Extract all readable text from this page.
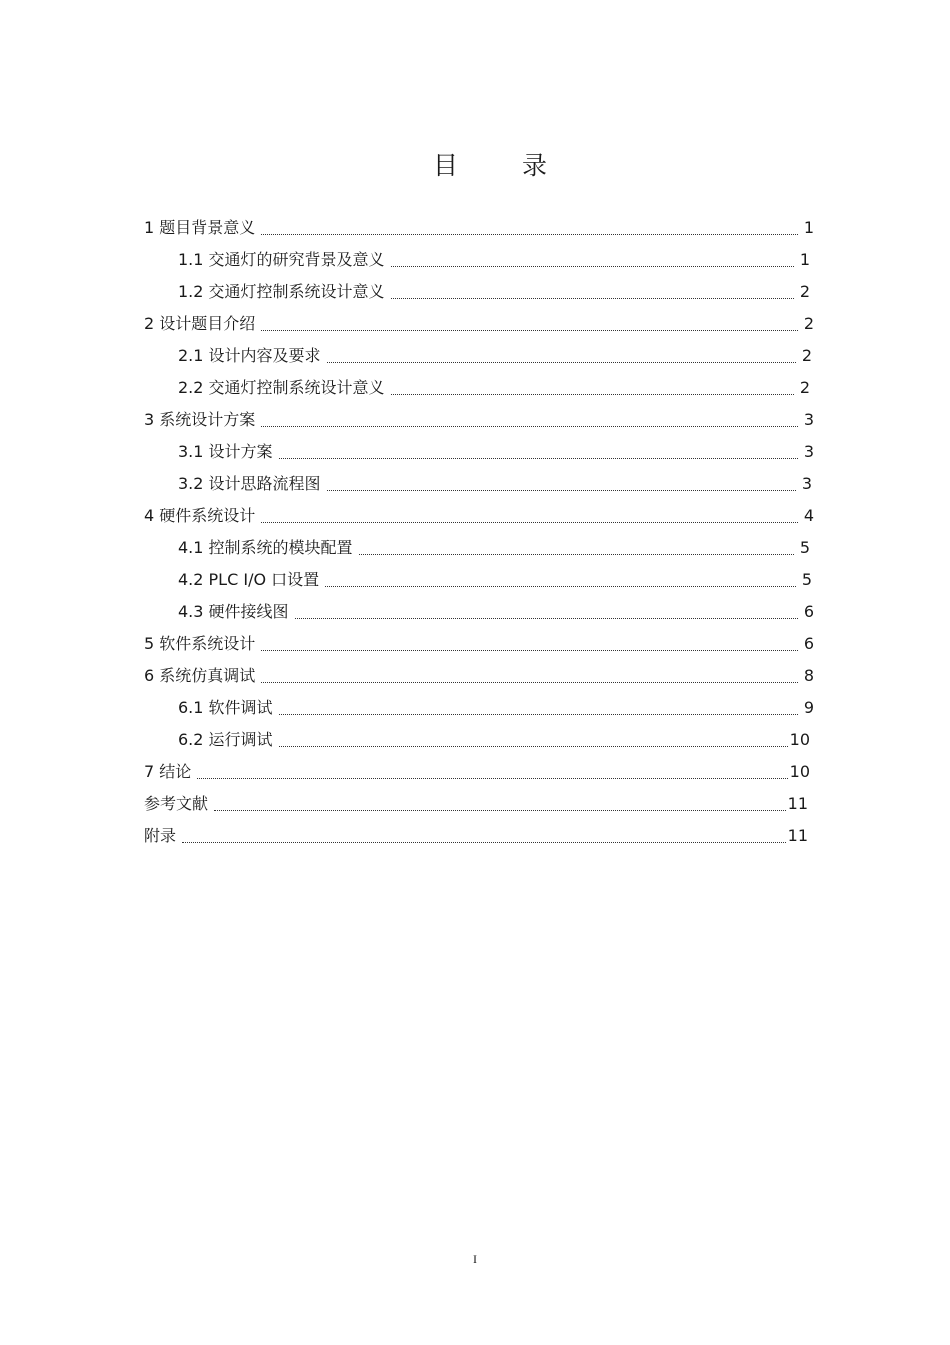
目 录
1 题目背景意义	1
1.1 交通灯的研究背景及意义	1
1.2 交通灯控制系统设计意义	2
2 设计题目介绍	2
2.1 设计内容及要求	2
2.2 交通灯控制系统设计意义	2
3 系统设计方案	3
3.1 设计方案	3
3.2 设计思路流程图	3
4 硬件系统设计	4
4.1 控制系统的模块配置	5
4.2 PLC I/O 口设置	5
4.3 硬件接线图	6
5 软件系统设计	6
6 系统仿真调试	8
6.1 软件调试	9
6.2 运行调试	10
7 结论	10
参考文献	11
附录	11
I
